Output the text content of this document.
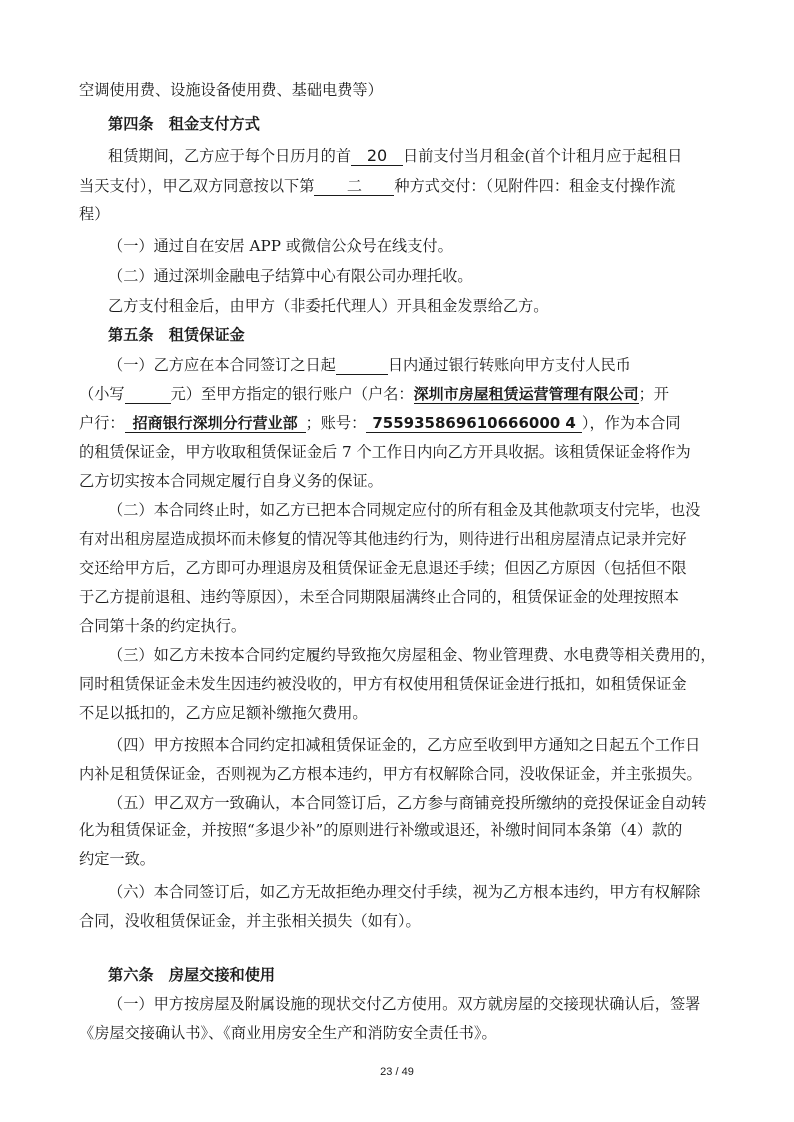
空调使用费、设施设备使用费、基础电费等）
第四条　租金支付方式
租赁期间，乙方应于每个日历月的首 20 日前支付当月租金(首个计租月应于起租日
当天支付），甲乙双方同意按以下第 二 种方式交付：（见附件四：租金支付操作流
程）
（一）通过自在安居 APP 或微信公众号在线支付。
（二）通过深圳金融电子结算中心有限公司办理托收。
乙方支付租金后，由甲方（非委托代理人）开具租金发票给乙方。
第五条　租赁保证金
（一）乙方应在本合同签订之日起	日内通过银行转账向甲方支付人民币
（小写	元）至甲方指定的银行账户（户名：深圳市房屋租赁运营管理有限公司；开
户行： 招商银行深圳分行营业部 ；账号： 755935869610666000 4 ），作为本合同
的租赁保证金，甲方收取租赁保证金后 7 个工作日内向乙方开具收据。该租赁保证金将作为
乙方切实按本合同规定履行自身义务的保证。
（二）本合同终止时，如乙方已把本合同规定应付的所有租金及其他款项支付完毕，也没
有对出租房屋造成损坏而未修复的情况等其他违约行为，则待进行出租房屋清点记录并完好
交还给甲方后，乙方即可办理退房及租赁保证金无息退还手续；但因乙方原因（包括但不限
于乙方提前退租、违约等原因），未至合同期限届满终止合同的，租赁保证金的处理按照本
合同第十条的约定执行。
（三）如乙方未按本合同约定履约导致拖欠房屋租金、物业管理费、水电费等相关费用的，
同时租赁保证金未发生因违约被没收的，甲方有权使用租赁保证金进行抵扣，如租赁保证金
不足以抵扣的，乙方应足额补缴拖欠费用。
（四）甲方按照本合同约定扣减租赁保证金的，乙方应至收到甲方通知之日起五个工作日
内补足租赁保证金，否则视为乙方根本违约，甲方有权解除合同，没收保证金，并主张损失。
（五）甲乙双方一致确认，本合同签订后，乙方参与商铺竞投所缴纳的竞投保证金自动转
化为租赁保证金，并按照“多退少补”的原则进行补缴或退还，补缴时间同本条第（4）款的
约定一致。
（六）本合同签订后，如乙方无故拒绝办理交付手续，视为乙方根本违约，甲方有权解除
合同，没收租赁保证金，并主张相关损失（如有）。
第六条　房屋交接和使用
（一）甲方按房屋及附属设施的现状交付乙方使用。双方就房屋的交接现状确认后，签署
《房屋交接确认书》、《商业用房安全生产和消防安全责任书》。
23 / 49
